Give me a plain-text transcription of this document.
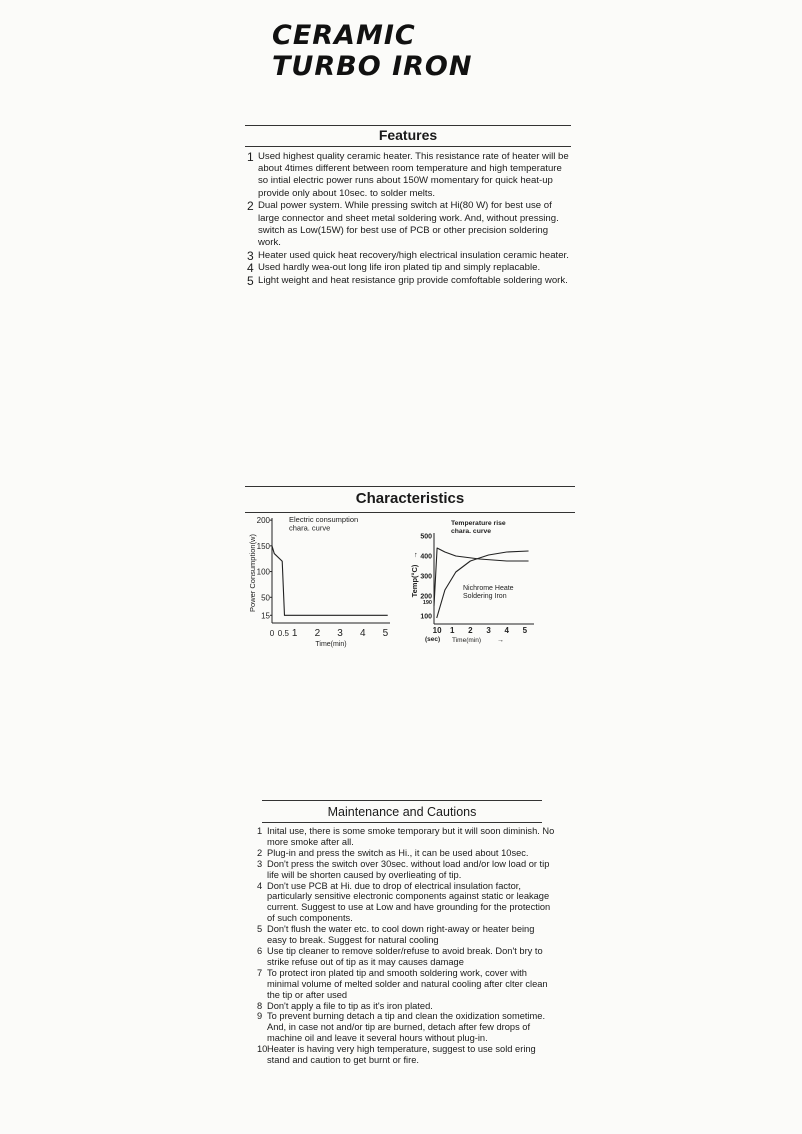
CERAMIC
TURBO IRON
Features
1 Used highest quality ceramic heater. This resistance rate of heater will be about 4times different between room temperature and high temperature so intial electric power runs about 150W momentary for quick heat-up provide only about 10sec. to solder melts.
2 Dual power system. While pressing switch at Hi(80 W) for best use of large connector and sheet metal soldering work. And, without pressing. switch as Low(15W) for best use of PCB or other precision soldering work.
3 Heater used quick heat recovery/high electrical insulation ceramic heater.
4 Used hardly wea-out long life iron plated tip and simply replacable.
5 Light weight and heat resistance grip provide comfoftable soldering work.
Characteristics
200
150
100
50
15
0 0.5 1 2 3 4 5
Time(min)
Power Consumption(w)
Electric consumption chara. curve
500
400
300
200
190
100
10 1 2 3 4 5
(sec) Time(min) →
Temp(°C)
→
Temperature rise chara. curve
Nichrome Heate Soldering Iron
Maintenance and Cautions
1 Inital use, there is some smoke temporary but it will soon diminish. No more smoke after all.
2 Plug-in and press the switch as Hi., it can be used about 10sec.
3 Don't press the switch over 30sec. without load and/or low load or tip life will be shorten caused by overlieating of tip.
4 Don't use PCB at Hi. due to drop of electrical insulation factor, particularly sensitive electronic components against static or leakage current. Suggest to use at Low and have grounding for the protection of such components.
5 Don't flush the water etc. to cool down right-away or heater being easy to break. Suggest for natural cooling
6 Use tip cleaner to remove solder/refuse to avoid break. Don't bry to strike refuse out of tip as it may causes damage
7 To protect iron plated tip and smooth soldering work, cover with minimal volume of melted solder and natural cooling after clter clean the tip or after used
8 Don't apply a file to tip as it's iron plated.
9 To prevent burning detach a tip and clean the oxidization sometime. And, in case not and/or tip are burned, detach after few drops of machine oil and leave it several hours without plug-in.
10 Heater is having very high temperature, suggest to use sold ering stand and caution to get burnt or fire.
